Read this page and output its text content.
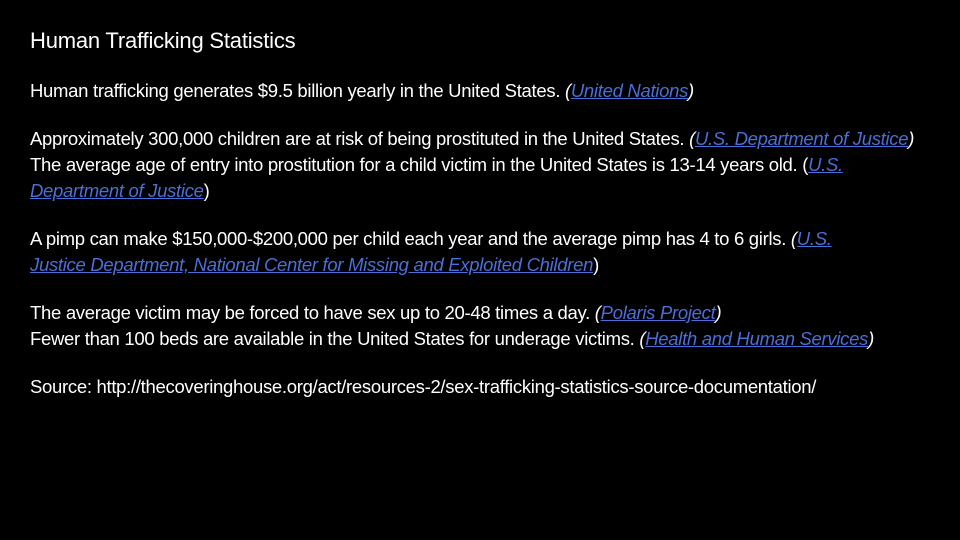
Human Trafficking Statistics
Human trafficking generates $9.5 billion yearly in the United States. (United Nations)
Approximately 300,000 children are at risk of being prostituted in the United States. (U.S. Department of Justice)
The average age of entry into prostitution for a child victim in the United States is 13-14 years old. (U.S. Department of Justice)
A pimp can make $150,000-$200,000 per child each year and the average pimp has 4 to 6 girls. (U.S. Justice Department, National Center for Missing and Exploited Children)
The average victim may be forced to have sex up to 20-48 times a day. (Polaris Project)
Fewer than 100 beds are available in the United States for underage victims. (Health and Human Services)
Source: http://thecoveringhouse.org/act/resources-2/sex-trafficking-statistics-source-documentation/
